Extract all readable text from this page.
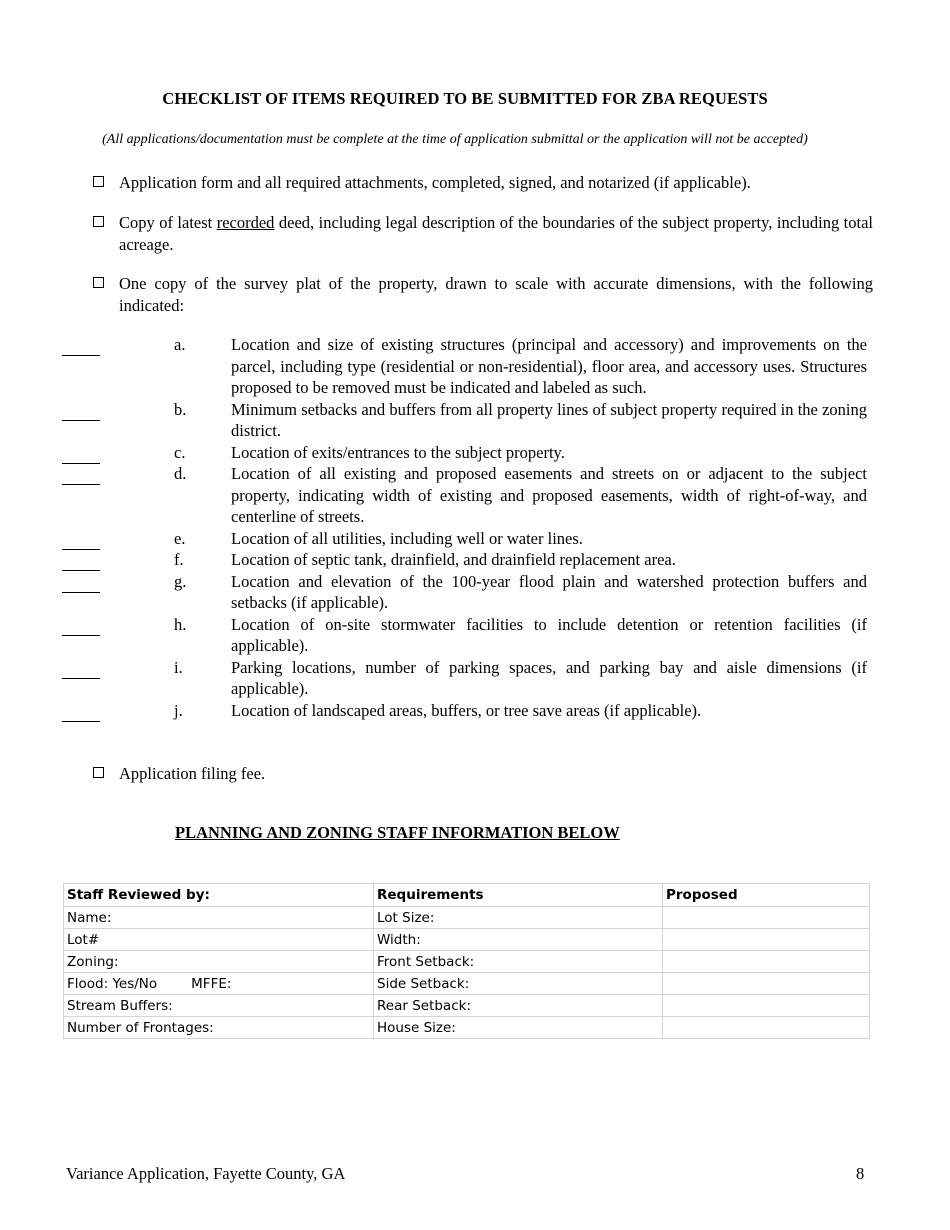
CHECKLIST OF ITEMS REQUIRED TO BE SUBMITTED FOR ZBA REQUESTS
(All applications/documentation must be complete at the time of application submittal or the application will not be accepted)
Application form and all required attachments, completed, signed, and notarized (if applicable).
Copy of latest recorded deed, including legal description of the boundaries of the subject property, including total acreage.
One copy of the survey plat of the property, drawn to scale with accurate dimensions, with the following indicated:
a.	Location and size of existing structures (principal and accessory) and improvements on the parcel, including type (residential or non-residential), floor area, and accessory uses. Structures proposed to be removed must be indicated and labeled as such.
b.	Minimum setbacks and buffers from all property lines of subject property required in the zoning district.
c.	Location of exits/entrances to the subject property.
d.	Location of all existing and proposed easements and streets on or adjacent to the subject property, indicating width of existing and proposed easements, width of right-of-way, and centerline of streets.
e.	Location of all utilities, including well or water lines.
f.	Location of septic tank, drainfield, and drainfield replacement area.
g.	Location and elevation of the 100-year flood plain and watershed protection buffers and setbacks (if applicable).
h.	Location of on-site stormwater facilities to include detention or retention facilities (if applicable).
i.	Parking locations, number of parking spaces, and parking bay and aisle dimensions (if applicable).
j.	Location of landscaped areas, buffers, or tree save areas (if applicable).
Application filing fee.
PLANNING AND ZONING STAFF INFORMATION BELOW
Staff Reviewed by:	Requirements	Proposed
Name:	Lot Size:	
Lot#	Width:	
Zoning:	Front Setback:	
Flood: Yes/No MFFE:	Side Setback:	
Stream Buffers:	Rear Setback:	
Number of Frontages:	House Size:	
Variance Application, Fayette County, GA	8
